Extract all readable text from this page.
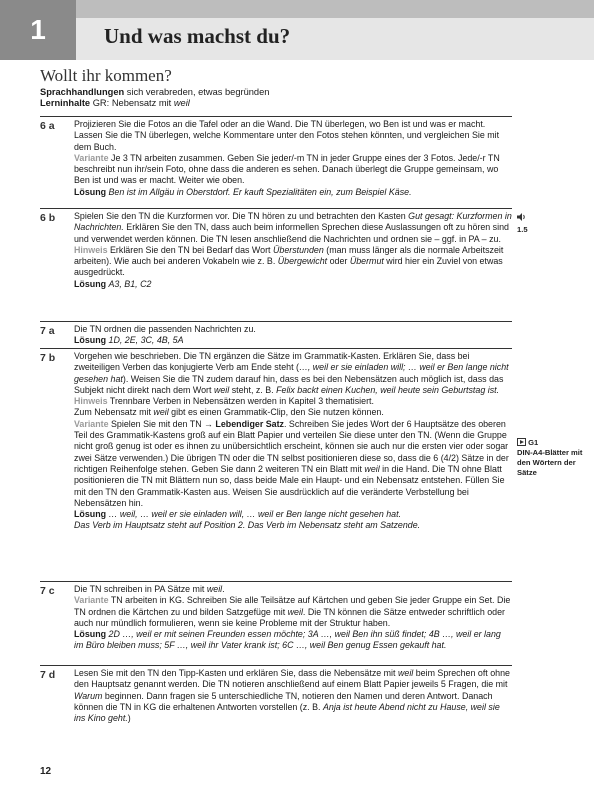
1	Und was machst du?
Wollt ihr kommen?
Sprachhandlungen sich verabreden, etwas begründen
Lerninhalte GR: Nebensatz mit weil
6 a	Projizieren Sie die Fotos an die Tafel oder an die Wand. Die TN überlegen, wo Ben ist und was er macht. Lassen Sie die TN überlegen, welche Kommentare unter den Fotos stehen könnten, und vergleichen Sie mit dem Buch.

Variante Je 3 TN arbeiten zusammen. Geben Sie jeder/-m TN in jeder Gruppe eines der 3 Fotos. Jede/-r TN beschreibt nun ihr/sein Foto, ohne dass die anderen es sehen. Danach überlegt die Gruppe gemeinsam, wo Ben ist und was er macht. Weiter wie oben.

Lösung Ben ist im Allgäu in Oberstdorf. Er kauft Spezialitäten ein, zum Beispiel Käse.

6 b	Spielen Sie den TN die Kurzformen vor. Die TN hören zu und betrachten den Kasten Gut gesagt: Kurzformen in Nachrichten. Erklären Sie den TN, dass auch beim informellen Sprechen diese Auslassungen oft zu hören sind und verwendet werden können. Die TN lesen anschließend die Nachrichten und ordnen sie – ggf. in PA – zu.

Hinweis Erklären Sie den TN bei Bedarf das Wort Überstunden (man muss länger als die normale Arbeitszeit arbeiten). Wie auch bei anderen Vokabeln wie z. B. Übergewicht oder Übermut wird hier ein Zuviel von etwas ausgedrückt.

Lösung A3, B1, C2

1.5
7 a	Die TN ordnen die passenden Nachrichten zu.

Lösung 1D, 2E, 3C, 4B, 5A

7 b	Vorgehen wie beschrieben. Die TN ergänzen die Sätze im Grammatik-Kasten. Erklären Sie, dass bei zweiteiligen Verben das konjugierte Verb am Ende steht (…, weil er sie einladen will; … weil er Ben lange nicht gesehen hat). Weisen Sie die TN zudem darauf hin, dass es bei den Nebensätzen auch möglich ist, dass das Subjekt nicht direkt nach dem Wort weil steht, z. B. Felix backt einen Kuchen, weil heute sein Geburtstag ist.

Hinweis Trennbare Verben in Nebensätzen werden in Kapitel 3 thematisiert.

Zum Nebensatz mit weil gibt es einen Grammatik-Clip, den Sie nutzen können.

Variante Spielen Sie mit den TN → Lebendiger Satz. Schreiben Sie jedes Wort der 6 Hauptsätze des oberen Teil des Grammatik-Kastens groß auf ein Blatt Papier und verteilen Sie diese unter den TN. (Wenn die Gruppe nicht groß genug ist oder es ihnen zu unübersichtlich erscheint, können sie auch nur die ersten vier oder sogar zwei Sätze verwenden.) Die übrigen TN oder die TN selbst positionieren diese so, dass die 6 (4/2) Sätze in der richtigen Reihenfolge stehen. Geben Sie dann 2 weiteren TN ein Blatt mit weil in die Hand. Die TN ohne Blatt positionieren die TN mit Blättern nun so, dass beide Male ein Haupt- und ein Nebensatz entstehen. Füllen Sie mit den TN den Grammatik-Kasten aus. Weisen Sie ausdrücklich auf die veränderte Verbstellung bei Nebensätzen hin.

Lösung … weil, … weil er sie einladen will, … weil er Ben lange nicht gesehen hat.

Das Verb im Hauptsatz steht auf Position 2. Das Verb im Nebensatz steht am Satzende.

G1
DIN-A4-Blätter mit den Wörtern der Sätze
7 c	Die TN schreiben in PA Sätze mit weil.

Variante TN arbeiten in KG. Schreiben Sie alle Teilsätze auf Kärtchen und geben Sie jeder Gruppe ein Set. Die TN ordnen die Kärtchen zu und bilden Satzgefüge mit weil. Die TN können die Sätze entweder schriftlich oder auch nur mündlich formulieren, wenn sie keine Probleme mit der Struktur haben.

Lösung 2D …, weil er mit seinen Freunden essen möchte; 3A …, weil Ben ihn süß findet; 4B …, weil er lang im Büro bleiben muss; 5F …, weil ihr Vater krank ist; 6C …, weil Ben genug Essen gekauft hat.

7 d	Lesen Sie mit den TN den Tipp-Kasten und erklären Sie, dass die Nebensätze mit weil beim Sprechen oft ohne den Hauptsatz genannt werden. Die TN notieren anschließend auf einem Blatt Papier jeweils 5 Fragen, die mit Warum beginnen. Dann fragen sie 5 unterschiedliche TN, notieren den Namen und deren Antwort. Danach können die TN in KG die erhaltenen Antworten vorstellen (z. B. Anja ist heute Abend nicht zu Hause, weil sie ins Kino geht.)

12
